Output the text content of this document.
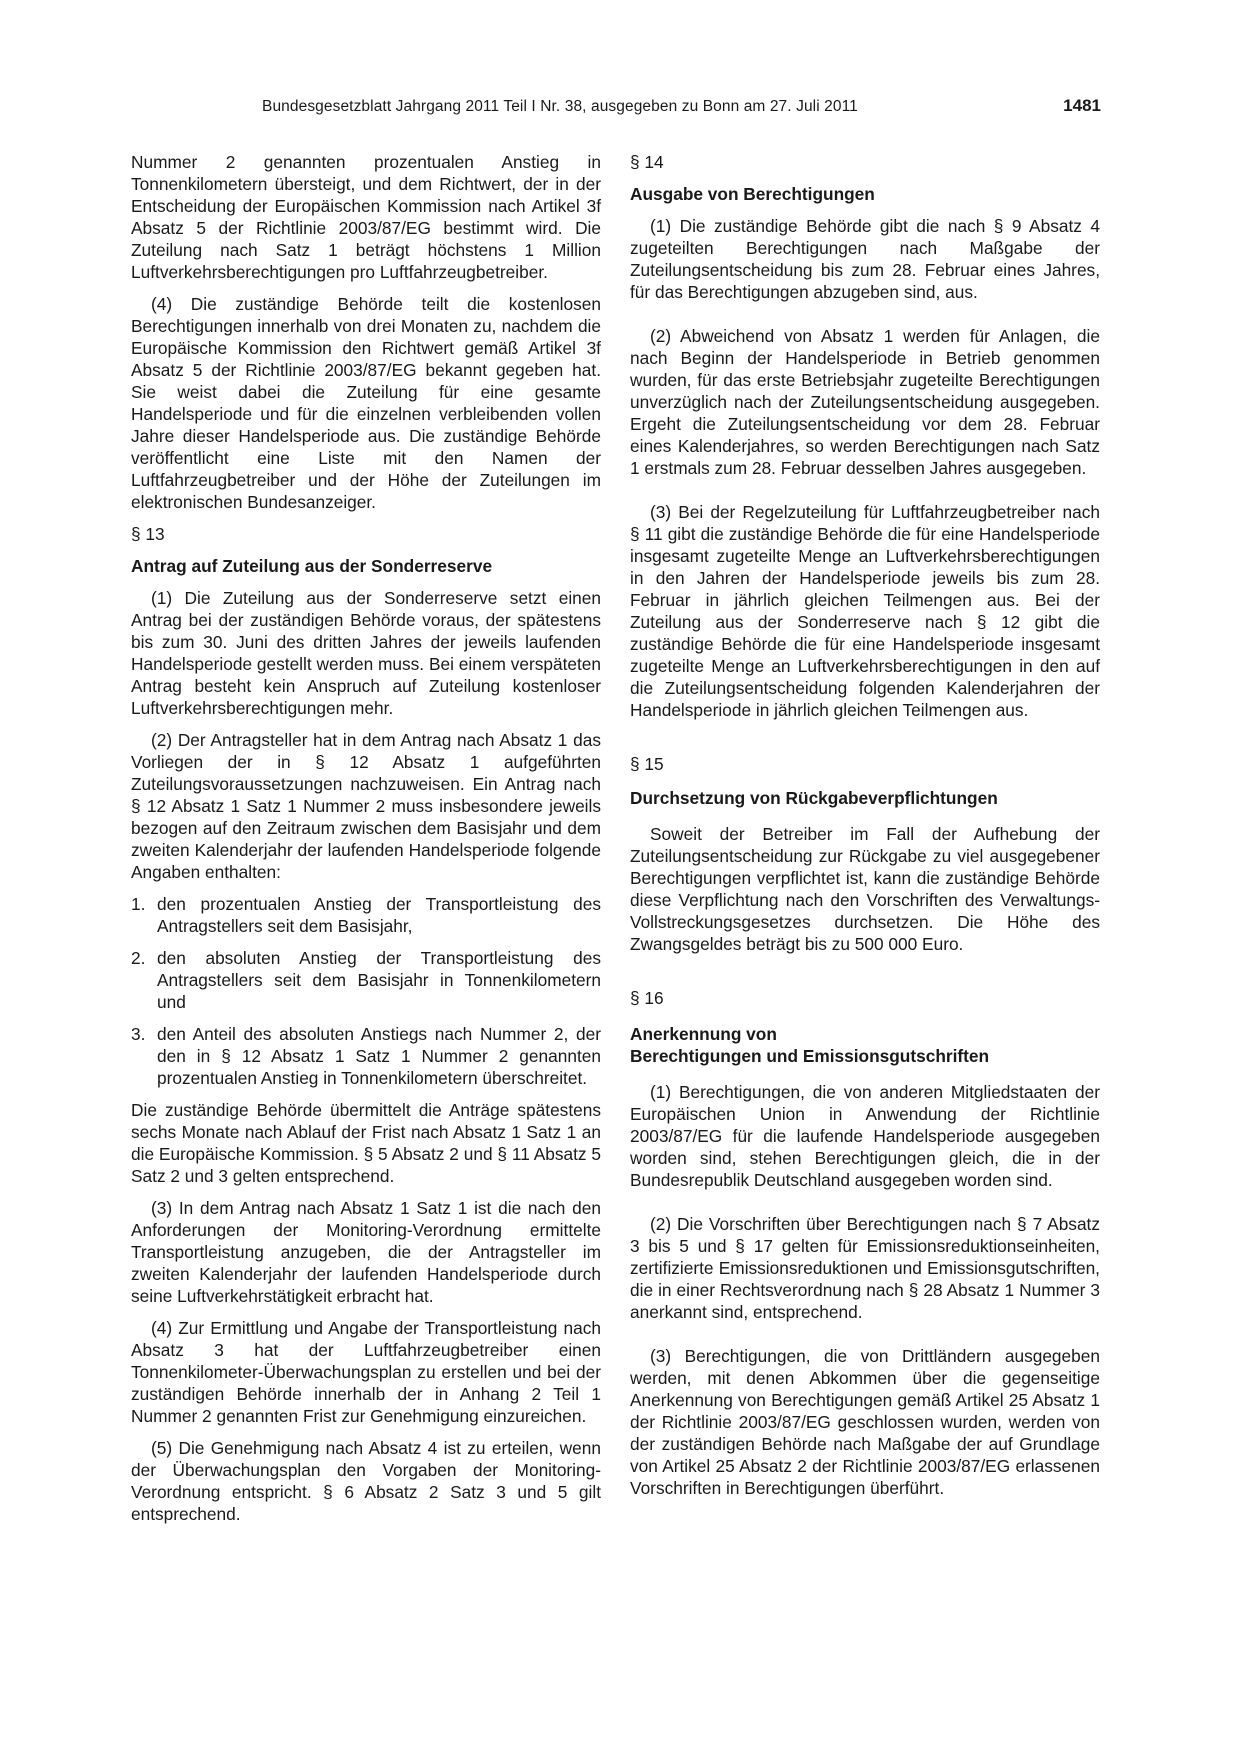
Bundesgesetzblatt Jahrgang 2011 Teil I Nr. 38, ausgegeben zu Bonn am 27. Juli 2011	1481

Nummer 2 genannten prozentualen Anstieg in Tonnenkilometern übersteigt, und dem Richtwert, der in der Entscheidung der Europäischen Kommission nach Artikel 3f Absatz 5 der Richtlinie 2003/87/EG bestimmt wird. Die Zuteilung nach Satz 1 beträgt höchstens 1 Million Luftverkehrsberechtigungen pro Luftfahrzeugbetreiber.

(4) Die zuständige Behörde teilt die kostenlosen Berechtigungen innerhalb von drei Monaten zu, nachdem die Europäische Kommission den Richtwert gemäß Artikel 3f Absatz 5 der Richtlinie 2003/87/EG bekannt gegeben hat. Sie weist dabei die Zuteilung für eine gesamte Handelsperiode und für die einzelnen verbleibenden vollen Jahre dieser Handelsperiode aus. Die zuständige Behörde veröffentlicht eine Liste mit den Namen der Luftfahrzeugbetreiber und der Höhe der Zuteilungen im elektronischen Bundesanzeiger.

§ 13

Antrag auf Zuteilung aus der Sonderreserve

(1) Die Zuteilung aus der Sonderreserve setzt einen Antrag bei der zuständigen Behörde voraus, der spätestens bis zum 30. Juni des dritten Jahres der jeweils laufenden Handelsperiode gestellt werden muss. Bei einem verspäteten Antrag besteht kein Anspruch auf Zuteilung kostenloser Luftverkehrsberechtigungen mehr.

(2) Der Antragsteller hat in dem Antrag nach Absatz 1 das Vorliegen der in § 12 Absatz 1 aufgeführten Zuteilungsvoraussetzungen nachzuweisen. Ein Antrag nach § 12 Absatz 1 Satz 1 Nummer 2 muss insbesondere jeweils bezogen auf den Zeitraum zwischen dem Basisjahr und dem zweiten Kalenderjahr der laufenden Handelsperiode folgende Angaben enthalten:

1. den prozentualen Anstieg der Transportleistung des Antragstellers seit dem Basisjahr,
2. den absoluten Anstieg der Transportleistung des Antragstellers seit dem Basisjahr in Tonnenkilometern und
3. den Anteil des absoluten Anstiegs nach Nummer 2, der den in § 12 Absatz 1 Satz 1 Nummer 2 genannten prozentualen Anstieg in Tonnenkilometern überschreitet.

Die zuständige Behörde übermittelt die Anträge spätestens sechs Monate nach Ablauf der Frist nach Absatz 1 Satz 1 an die Europäische Kommission. § 5 Absatz 2 und § 11 Absatz 5 Satz 2 und 3 gelten entsprechend.

(3) In dem Antrag nach Absatz 1 Satz 1 ist die nach den Anforderungen der Monitoring-Verordnung ermittelte Transportleistung anzugeben, die der Antragsteller im zweiten Kalenderjahr der laufenden Handelsperiode durch seine Luftverkehrstätigkeit erbracht hat.

(4) Zur Ermittlung und Angabe der Transportleistung nach Absatz 3 hat der Luftfahrzeugbetreiber einen Tonnenkilometer-Überwachungsplan zu erstellen und bei der zuständigen Behörde innerhalb der in Anhang 2 Teil 1 Nummer 2 genannten Frist zur Genehmigung einzureichen.

(5) Die Genehmigung nach Absatz 4 ist zu erteilen, wenn der Überwachungsplan den Vorgaben der Monitoring-Verordnung entspricht. § 6 Absatz 2 Satz 3 und 5 gilt entsprechend.

§ 14

Ausgabe von Berechtigungen

(1) Die zuständige Behörde gibt die nach § 9 Absatz 4 zugeteilten Berechtigungen nach Maßgabe der Zuteilungsentscheidung bis zum 28. Februar eines Jahres, für das Berechtigungen abzugeben sind, aus.

(2) Abweichend von Absatz 1 werden für Anlagen, die nach Beginn der Handelsperiode in Betrieb genommen wurden, für das erste Betriebsjahr zugeteilte Berechtigungen unverzüglich nach der Zuteilungsentscheidung ausgegeben. Ergeht die Zuteilungsentscheidung vor dem 28. Februar eines Kalenderjahres, so werden Berechtigungen nach Satz 1 erstmals zum 28. Februar desselben Jahres ausgegeben.

(3) Bei der Regelzuteilung für Luftfahrzeugbetreiber nach § 11 gibt die zuständige Behörde die für eine Handelsperiode insgesamt zugeteilte Menge an Luftverkehrsberechtigungen in den Jahren der Handelsperiode jeweils bis zum 28. Februar in jährlich gleichen Teilmengen aus. Bei der Zuteilung aus der Sonderreserve nach § 12 gibt die zuständige Behörde die für eine Handelsperiode insgesamt zugeteilte Menge an Luftverkehrsberechtigungen in den auf die Zuteilungsentscheidung folgenden Kalenderjahren der Handelsperiode in jährlich gleichen Teilmengen aus.

§ 15

Durchsetzung von Rückgabeverpflichtungen

Soweit der Betreiber im Fall der Aufhebung der Zuteilungsentscheidung zur Rückgabe zu viel ausgegebener Berechtigungen verpflichtet ist, kann die zuständige Behörde diese Verpflichtung nach den Vorschriften des Verwaltungs-Vollstreckungsgesetzes durchsetzen. Die Höhe des Zwangsgeldes beträgt bis zu 500 000 Euro.

§ 16

Anerkennung von

Berechtigungen und Emissionsgutschriften

(1) Berechtigungen, die von anderen Mitgliedstaaten der Europäischen Union in Anwendung der Richtlinie 2003/87/EG für die laufende Handelsperiode ausgegeben worden sind, stehen Berechtigungen gleich, die in der Bundesrepublik Deutschland ausgegeben worden sind.

(2) Die Vorschriften über Berechtigungen nach § 7 Absatz 3 bis 5 und § 17 gelten für Emissionsreduktionseinheiten, zertifizierte Emissionsreduktionen und Emissionsgutschriften, die in einer Rechtsverordnung nach § 28 Absatz 1 Nummer 3 anerkannt sind, entsprechend.

(3) Berechtigungen, die von Drittländern ausgegeben werden, mit denen Abkommen über die gegenseitige Anerkennung von Berechtigungen gemäß Artikel 25 Absatz 1 der Richtlinie 2003/87/EG geschlossen wurden, werden von der zuständigen Behörde nach Maßgabe der auf Grundlage von Artikel 25 Absatz 2 der Richtlinie 2003/87/EG erlassenen Vorschriften in Berechtigungen überführt.
